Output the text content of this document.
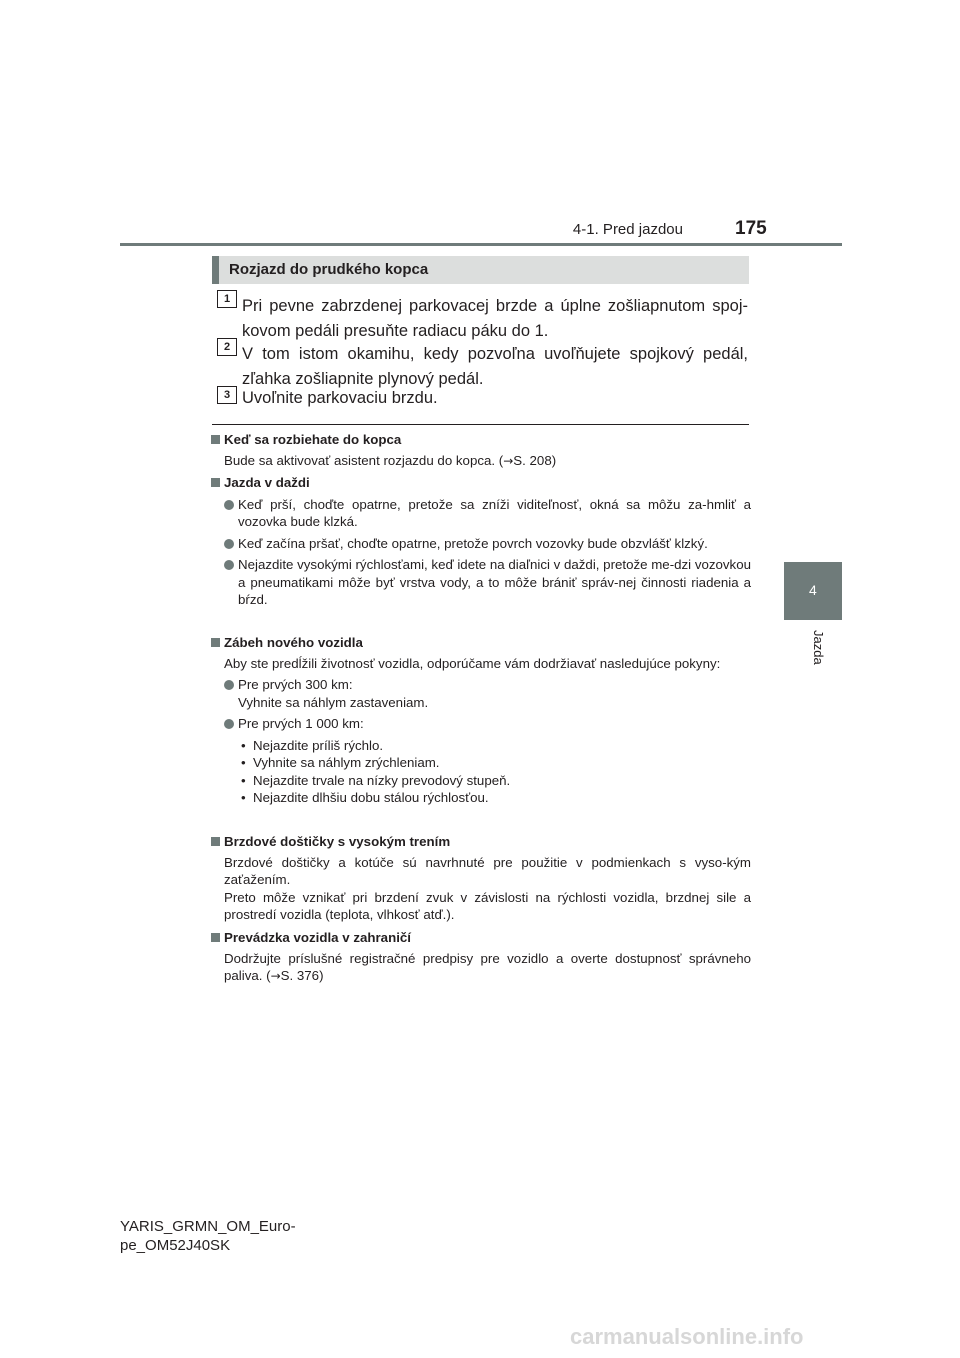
4-1. Pred jazdou	175
4
Jazda
Rozjazd do prudkého kopca
1 Pri pevne zabrzdenej parkovacej brzde a úplne zošliapnutom spoj-kovom pedáli presuňte radiacu páku do 1.
2 V tom istom okamihu, kedy pozvoľna uvoľňujete spojkový pedál, zľahka zošliapnite plynový pedál.
3 Uvoľnite parkovaciu brzdu.
Keď sa rozbiehate do kopca
Bude sa aktivovať asistent rozjazdu do kopca. (→S. 208)
Jazda v daždi
Keď prší, choďte opatrne, pretože sa zníži viditeľnosť, okná sa môžu za-hmliť a vozovka bude klzká.
Keď začína pršať, choďte opatrne, pretože povrch vozovky bude obzvlášť klzký.
Nejazdite vysokými rýchlosťami, keď idete na diaľnici v daždi, pretože me-dzi vozovkou a pneumatikami môže byť vrstva vody, a to môže brániť správ-nej činnosti riadenia a bŕzd.
Zábeh nového vozidla
Aby ste predĺžili životnosť vozidla, odporúčame vám dodržiavať nasledujúce pokyny:
Pre prvých 300 km:
Vyhnite sa náhlym zastaveniam.
Pre prvých 1 000 km:
• Nejazdite príliš rýchlo.
• Vyhnite sa náhlym zrýchleniam.
• Nejazdite trvale na nízky prevodový stupeň.
• Nejazdite dlhšiu dobu stálou rýchlosťou.
Brzdové doštičky s vysokým trením
Brzdové doštičky a kotúče sú navrhnuté pre použitie v podmienkach s vyso-kým zaťažením.
Preto môže vznikať pri brzdení zvuk v závislosti na rýchlosti vozidla, brzdnej sile a prostredí vozidla (teplota, vlhkosť atď.).
Prevádzka vozidla v zahraničí
Dodržujte príslušné registračné predpisy pre vozidlo a overte dostupnosť správneho paliva. (→S. 376)
YARIS_GRMN_OM_Euro-
pe_OM52J40SK
carmanualsonline.info
